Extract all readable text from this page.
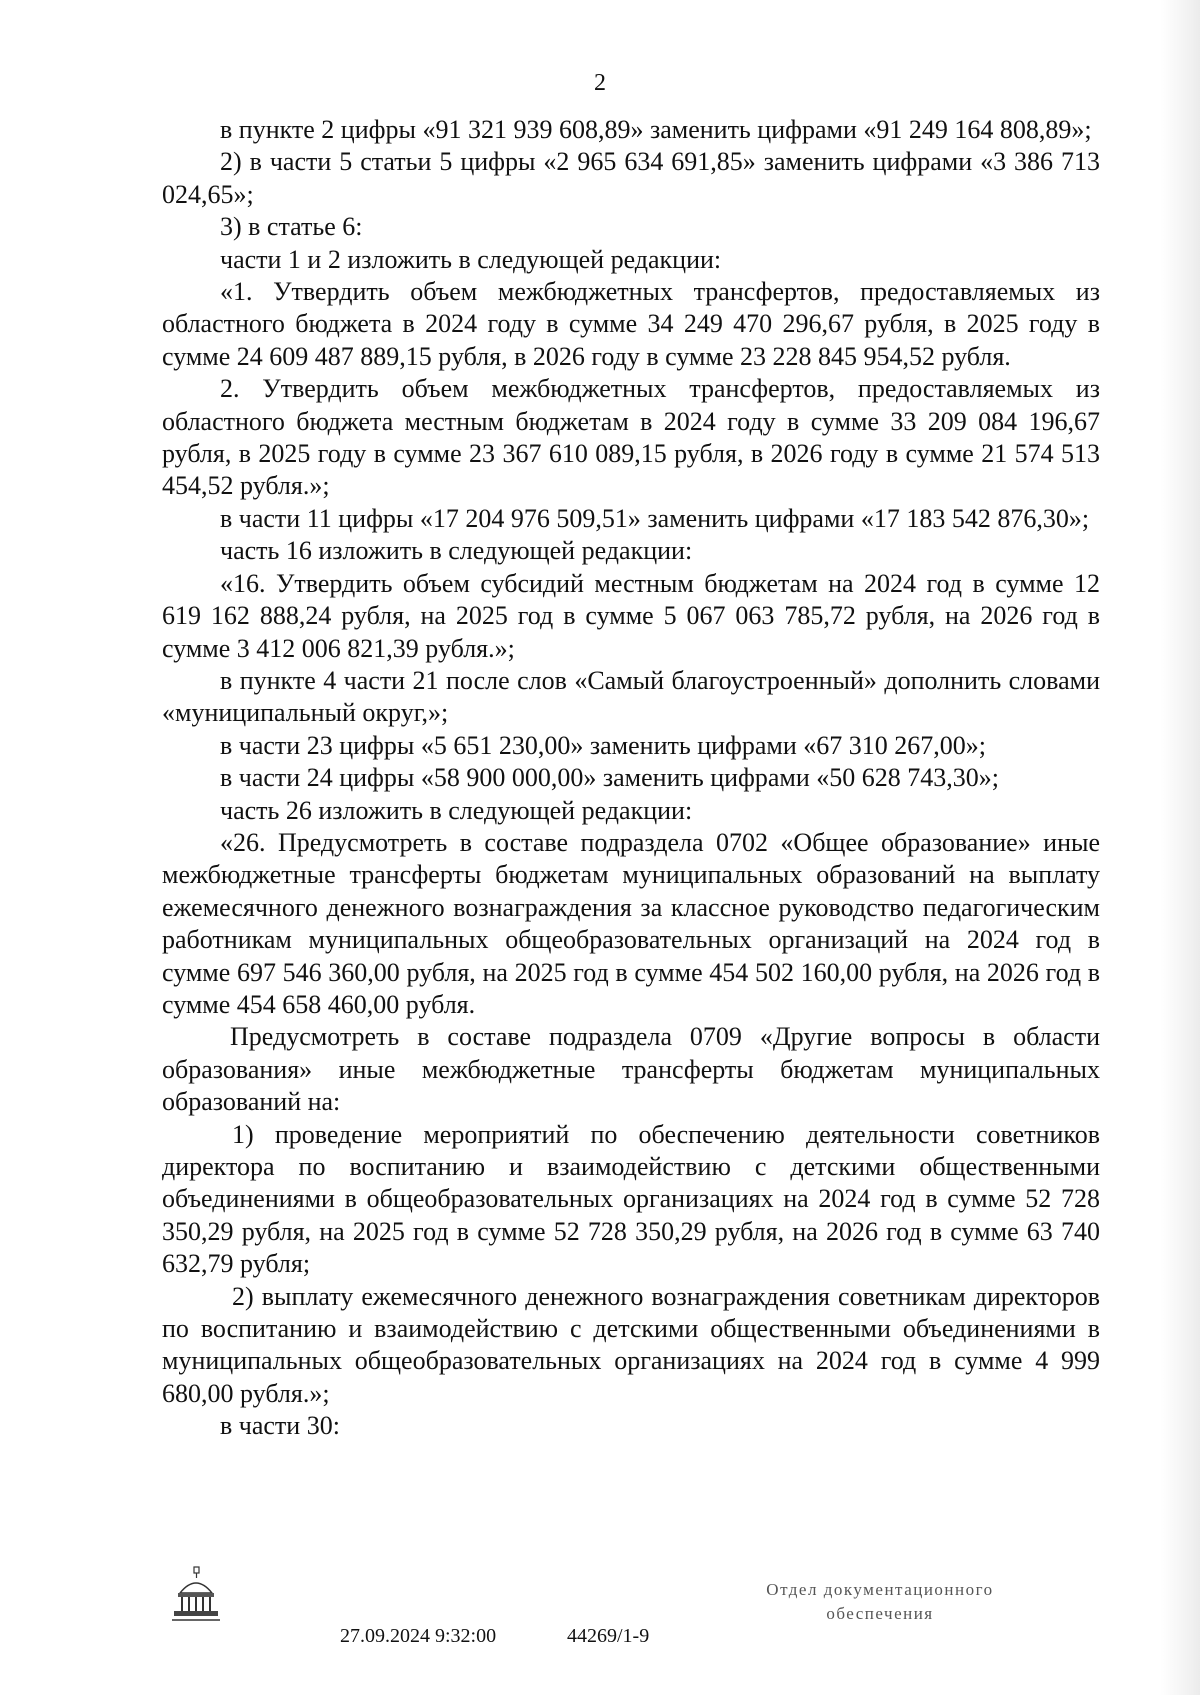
2

в пункте 2 цифры «91 321 939 608,89» заменить цифрами «91 249 164 808,89»;

2) в части 5 статьи 5 цифры «2 965 634 691,85» заменить цифрами «3 386 713 024,65»;

3) в статье 6:

части 1 и 2 изложить в следующей редакции:

«1. Утвердить объем межбюджетных трансфертов, предоставляемых из областного бюджета в 2024 году в сумме 34 249 470 296,67 рубля, в 2025 году в сумме 24 609 487 889,15 рубля, в 2026 году в сумме 23 228 845 954,52 рубля.

2. Утвердить объем межбюджетных трансфертов, предоставляемых из областного бюджета местным бюджетам в 2024 году в сумме 33 209 084 196,67 рубля, в 2025 году в сумме 23 367 610 089,15 рубля, в 2026 году в сумме 21 574 513 454,52 рубля.»;

в части 11 цифры «17 204 976 509,51» заменить цифрами «17 183 542 876,30»;

часть 16 изложить в следующей редакции:

«16. Утвердить объем субсидий местным бюджетам на 2024 год в сумме 12 619 162 888,24 рубля, на 2025 год в сумме 5 067 063 785,72 рубля, на 2026 год в сумме 3 412 006 821,39 рубля.»;

в пункте 4 части 21 после слов «Самый благоустроенный» дополнить словами «муниципальный округ,»;

в части 23 цифры «5 651 230,00» заменить цифрами «67 310 267,00»;

в части 24 цифры «58 900 000,00» заменить цифрами «50 628 743,30»;

часть 26 изложить в следующей редакции:

«26. Предусмотреть в составе подраздела 0702 «Общее образование» иные межбюджетные трансферты бюджетам муниципальных образований на выплату ежемесячного денежного вознаграждения за классное руководство педагогическим работникам муниципальных общеобразовательных организаций на 2024 год в сумме 697 546 360,00 рубля, на 2025 год в сумме 454 502 160,00 рубля, на 2026 год в сумме 454 658 460,00 рубля.

Предусмотреть в составе подраздела 0709 «Другие вопросы в области образования» иные межбюджетные трансферты бюджетам муниципальных образований на:

1) проведение мероприятий по обеспечению деятельности советников директора по воспитанию и взаимодействию с детскими общественными объединениями в общеобразовательных организациях на 2024 год в сумме 52 728 350,29 рубля, на 2025 год в сумме 52 728 350,29 рубля, на 2026 год в сумме 63 740 632,79 рубля;

2) выплату ежемесячного денежного вознаграждения советникам директоров по воспитанию и взаимодействию с детскими общественными объединениями в муниципальных общеобразовательных организациях на 2024 год в сумме 4 999 680,00 рубля.»;

в части 30:

27.09.2024 9:32:00	44269/1-9
Отдел документационного
обеспечения
